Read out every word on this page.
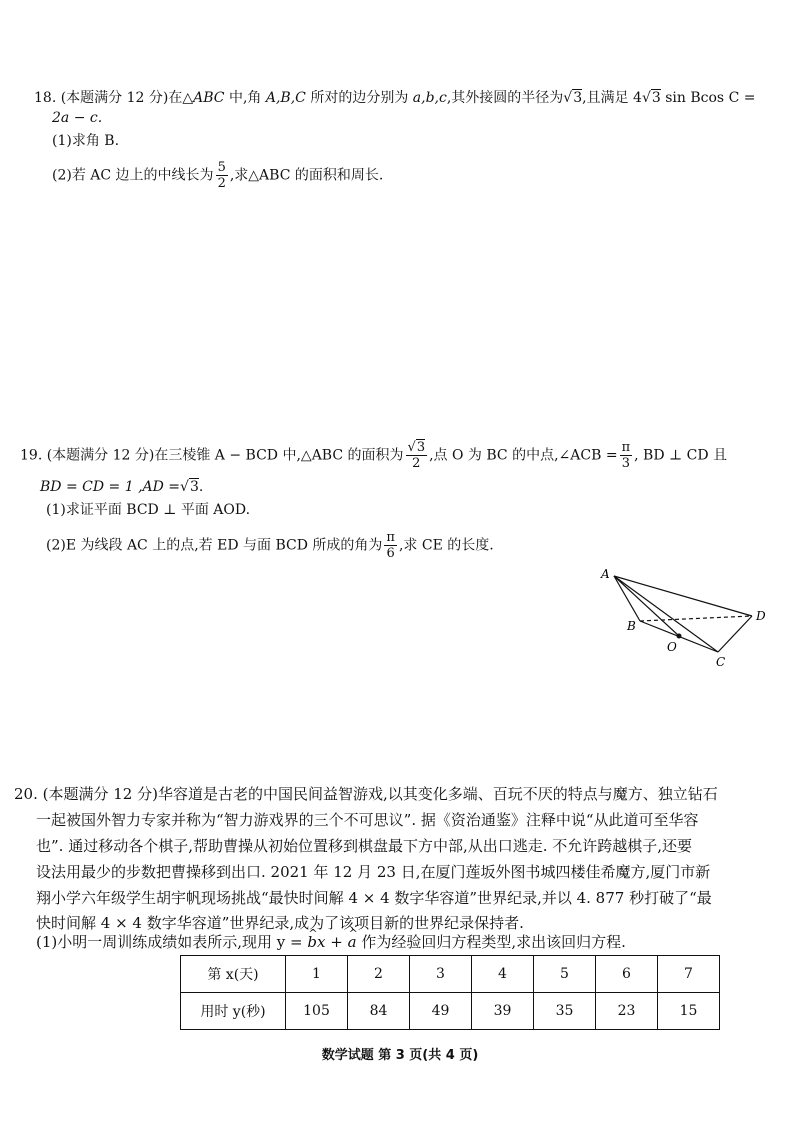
18. (本题满分 12 分)在△ABC 中,角 A,B,C 所对的边分别为 a,b,c,其外接圆的半径为√3,且满足 4√3 sin Bcos C =
2a − c.
(1)求角 B.
(2)若 AC 边上的中线长为 $\frac{5}{2}$ ,求△ABC 的面积和周长.
19. (本题满分 12 分)在三棱锥 A − BCD 中,△ABC 的面积为 $\frac{√3}{2}$ ,点 O 为 BC 的中点,∠ACB = $\frac{\pi}{3}$ , BD ⊥ CD 且
BD = CD = 1 ,AD =√3.
(1)求证平面 BCD ⊥ 平面 AOD.
(2)E 为线段 AC 上的点,若 ED 与面 BCD 所成的角为 $\frac{\pi}{6}$ ,求 CE 的长度.
A
B
C
D
O
20. (本题满分 12 分)华容道是古老的中国民间益智游戏,以其变化多端、百玩不厌的特点与魔方、独立钻石
一起被国外智力专家并称为“智力游戏界的三个不可思议”. 据《资治通鉴》注释中说“从此道可至华容
也”. 通过移动各个棋子,帮助曹操从初始位置移到棋盘最下方中部,从出口逃走. 不允许跨越棋子,还要
设法用最少的步数把曹操移到出口. 2021 年 12 月 23 日,在厦门莲坂外图书城四楼佳希魔方,厦门市新
翔小学六年级学生胡宇帆现场挑战“最快时间解 4 × 4 数字华容道”世界纪录,并以 4. 877 秒打破了“最
快时间解 4 × 4 数字华容道”世界纪录,成为了该项目新的世界纪录保持者.
(1)小明一周训练成绩如表所示,现用 y = ^ bx + ^ a 作为经验回归方程类型,求出该回归方程.
第 x(天)	1	2	3	4	5	6	7
用时 y(秒)	105	84	49	39	35	23	15
数学试题 第 3 页(共 4 页)
